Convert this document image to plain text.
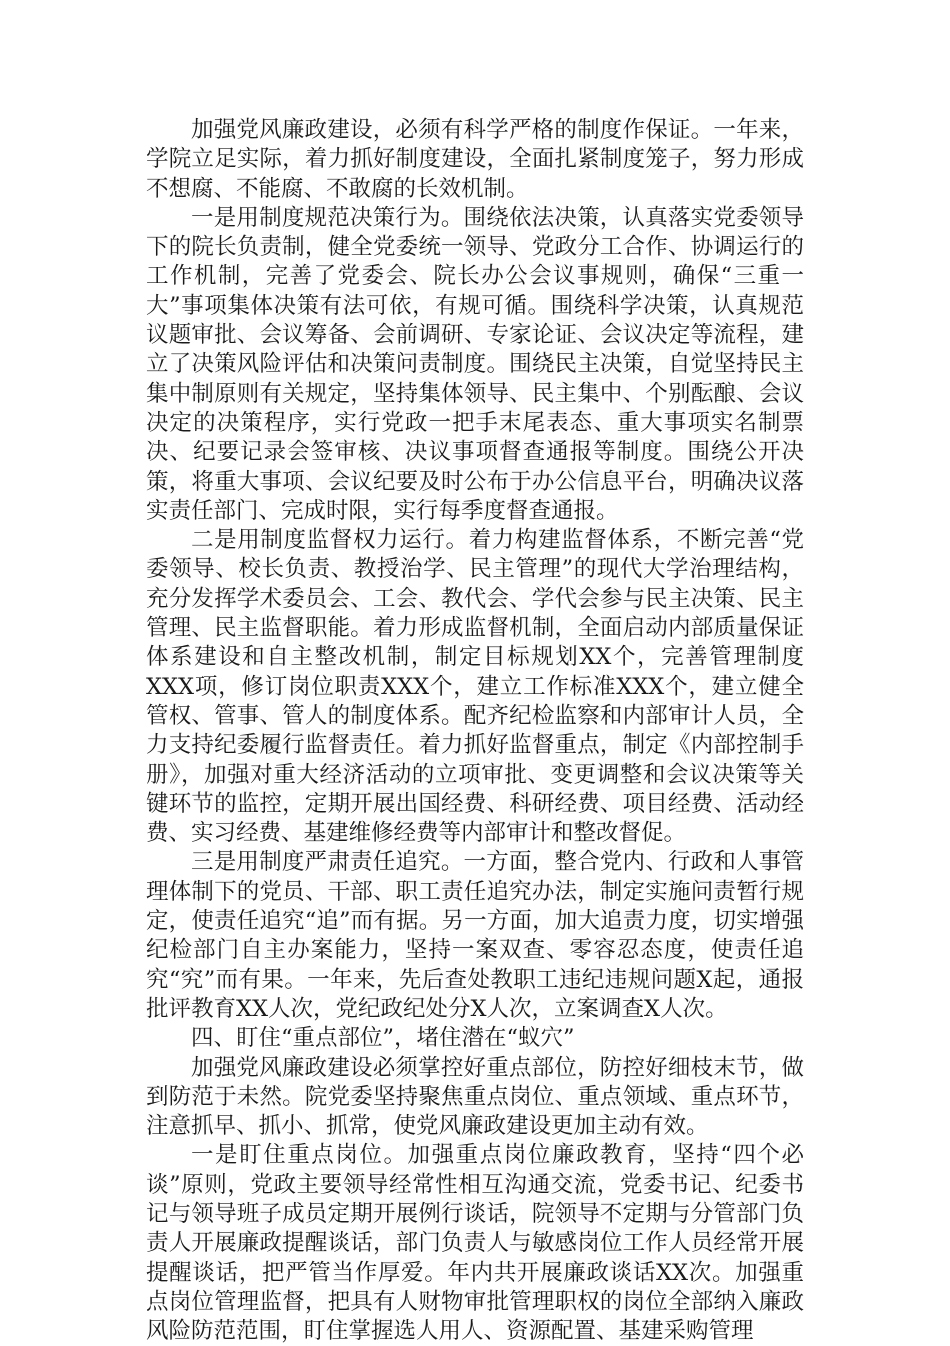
加强党风廉政建设，必须有科学严格的制度作保证。一年来，学院立足实际，着力抓好制度建设，全面扎紧制度笼子，努力形成不想腐、不能腐、不敢腐的长效机制。

一是用制度规范决策行为。围绕依法决策，认真落实党委领导下的院长负责制，健全党委统一领导、党政分工合作、协调运行的工作机制，完善了党委会、院长办公会议事规则，确保“三重一大”事项集体决策有法可依，有规可循。围绕科学决策，认真规范议题审批、会议筹备、会前调研、专家论证、会议决定等流程，建立了决策风险评估和决策问责制度。围绕民主决策，自觉坚持民主集中制原则有关规定，坚持集体领导、民主集中、个别酝酿、会议决定的决策程序，实行党政一把手末尾表态、重大事项实名制票决、纪要记录会签审核、决议事项督查通报等制度。围绕公开决策，将重大事项、会议纪要及时公布于办公信息平台，明确决议落实责任部门、完成时限，实行每季度督查通报。

二是用制度监督权力运行。着力构建监督体系，不断完善“党委领导、校长负责、教授治学、民主管理”的现代大学治理结构，充分发挥学术委员会、工会、教代会、学代会参与民主决策、民主管理、民主监督职能。着力形成监督机制，全面启动内部质量保证体系建设和自主整改机制，制定目标规划XX个，完善管理制度XXX项，修订岗位职责XXX个，建立工作标准XXX个，建立健全管权、管事、管人的制度体系。配齐纪检监察和内部审计人员，全力支持纪委履行监督责任。着力抓好监督重点，制定《内部控制手册》，加强对重大经济活动的立项审批、变更调整和会议决策等关键环节的监控，定期开展出国经费、科研经费、项目经费、活动经费、实习经费、基建维修经费等内部审计和整改督促。

三是用制度严肃责任追究。一方面，整合党内、行政和人事管理体制下的党员、干部、职工责任追究办法，制定实施问责暂行规定，使责任追究“追”而有据。另一方面，加大追责力度，切实增强纪检部门自主办案能力，坚持一案双查、零容忍态度，使责任追究“究”而有果。一年来，先后查处教职工违纪违规问题X起，通报批评教育XX人次，党纪政纪处分X人次，立案调查X人次。

四、盯住“重点部位”，堵住潜在“蚁穴”

加强党风廉政建设必须掌控好重点部位，防控好细枝末节，做到防范于未然。院党委坚持聚焦重点岗位、重点领域、重点环节，注意抓早、抓小、抓常，使党风廉政建设更加主动有效。

一是盯住重点岗位。加强重点岗位廉政教育，坚持“四个必谈”原则，党政主要领导经常性相互沟通交流，党委书记、纪委书记与领导班子成员定期开展例行谈话，院领导不定期与分管部门负责人开展廉政提醒谈话，部门负责人与敏感岗位工作人员经常开展提醒谈话，把严管当作厚爱。年内共开展廉政谈话XX次。加强重点岗位管理监督，把具有人财物审批管理职权的岗位全部纳入廉政风险防范范围，盯住掌握选人用人、资源配置、基建采购管理
